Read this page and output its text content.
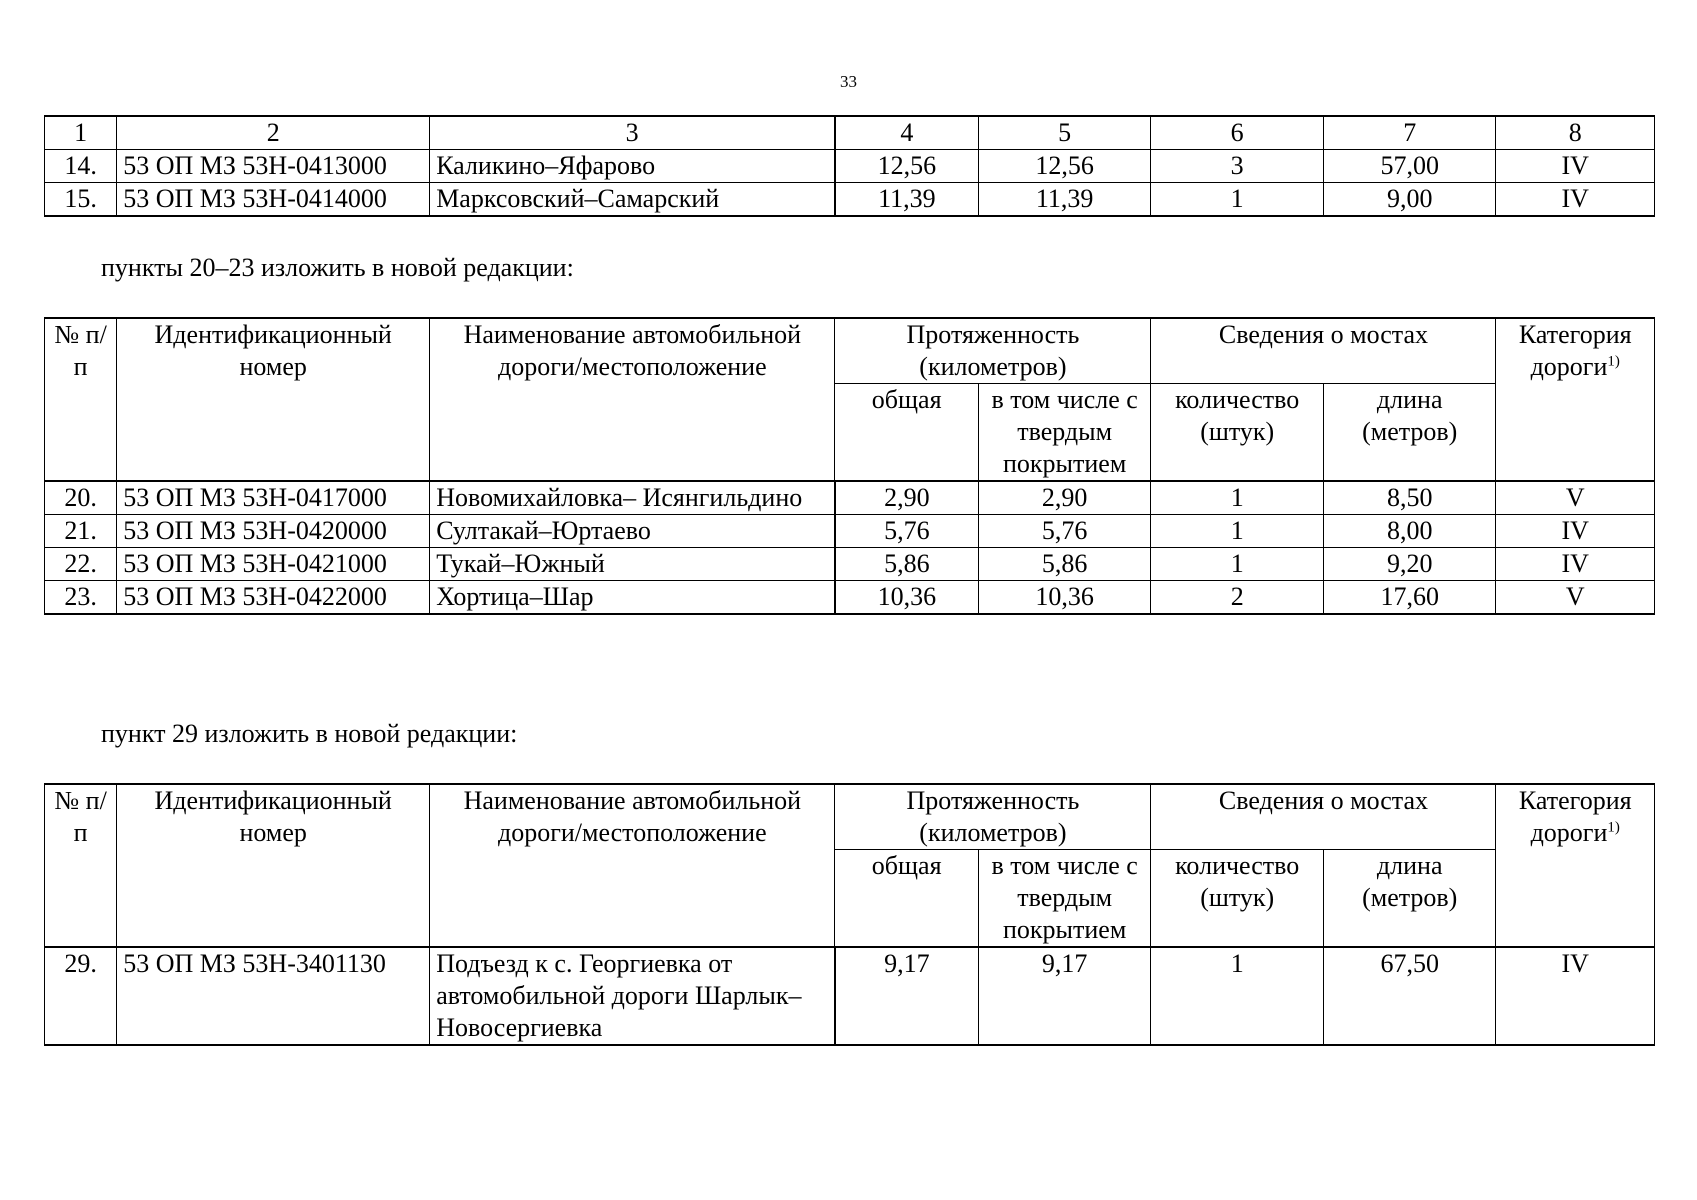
33
1	2	3	4	5	6	7	8
14.	53 ОП МЗ 53Н-0413000	Каликино–Яфарово	12,56	12,56	3	57,00	IV
15.	53 ОП МЗ 53Н-0414000	Марксовский–Самарский	11,39	11,39	1	9,00	IV
пункты 20–23 изложить в новой редакции:
№ п/п	Идентификационный номер	Наименование автомобильной дороги/местоположение	Протяженность (километров)		Сведения о мостах		Категория дороги$^{1)}$
			общая	в том числе с твердым покрытием	количество (штук)	длина (метров)	
20.	53 ОП МЗ 53Н-0417000	Новомихайловка– Исянгильдино	2,90	2,90	1	8,50	V
21.	53 ОП МЗ 53Н-0420000	Султакай–Юртаево	5,76	5,76	1	8,00	IV
22.	53 ОП МЗ 53Н-0421000	Тукай–Южный	5,86	5,86	1	9,20	IV
23.	53 ОП МЗ 53Н-0422000	Хортица–Шар	10,36	10,36	2	17,60	V
пункт 29 изложить в новой редакции:
№ п/п	Идентификационный номер	Наименование автомобильной дороги/местоположение	Протяженность (километров)		Сведения о мостах		Категория дороги$^{1)}$
			общая	в том числе с твердым покрытием	количество (штук)	длина (метров)	
29.	53 ОП МЗ 53Н-3401130	Подъезд к с. Георгиевка от автомобильной дороги Шарлык–Новосергиевка	9,17	9,17	1	67,50	IV
